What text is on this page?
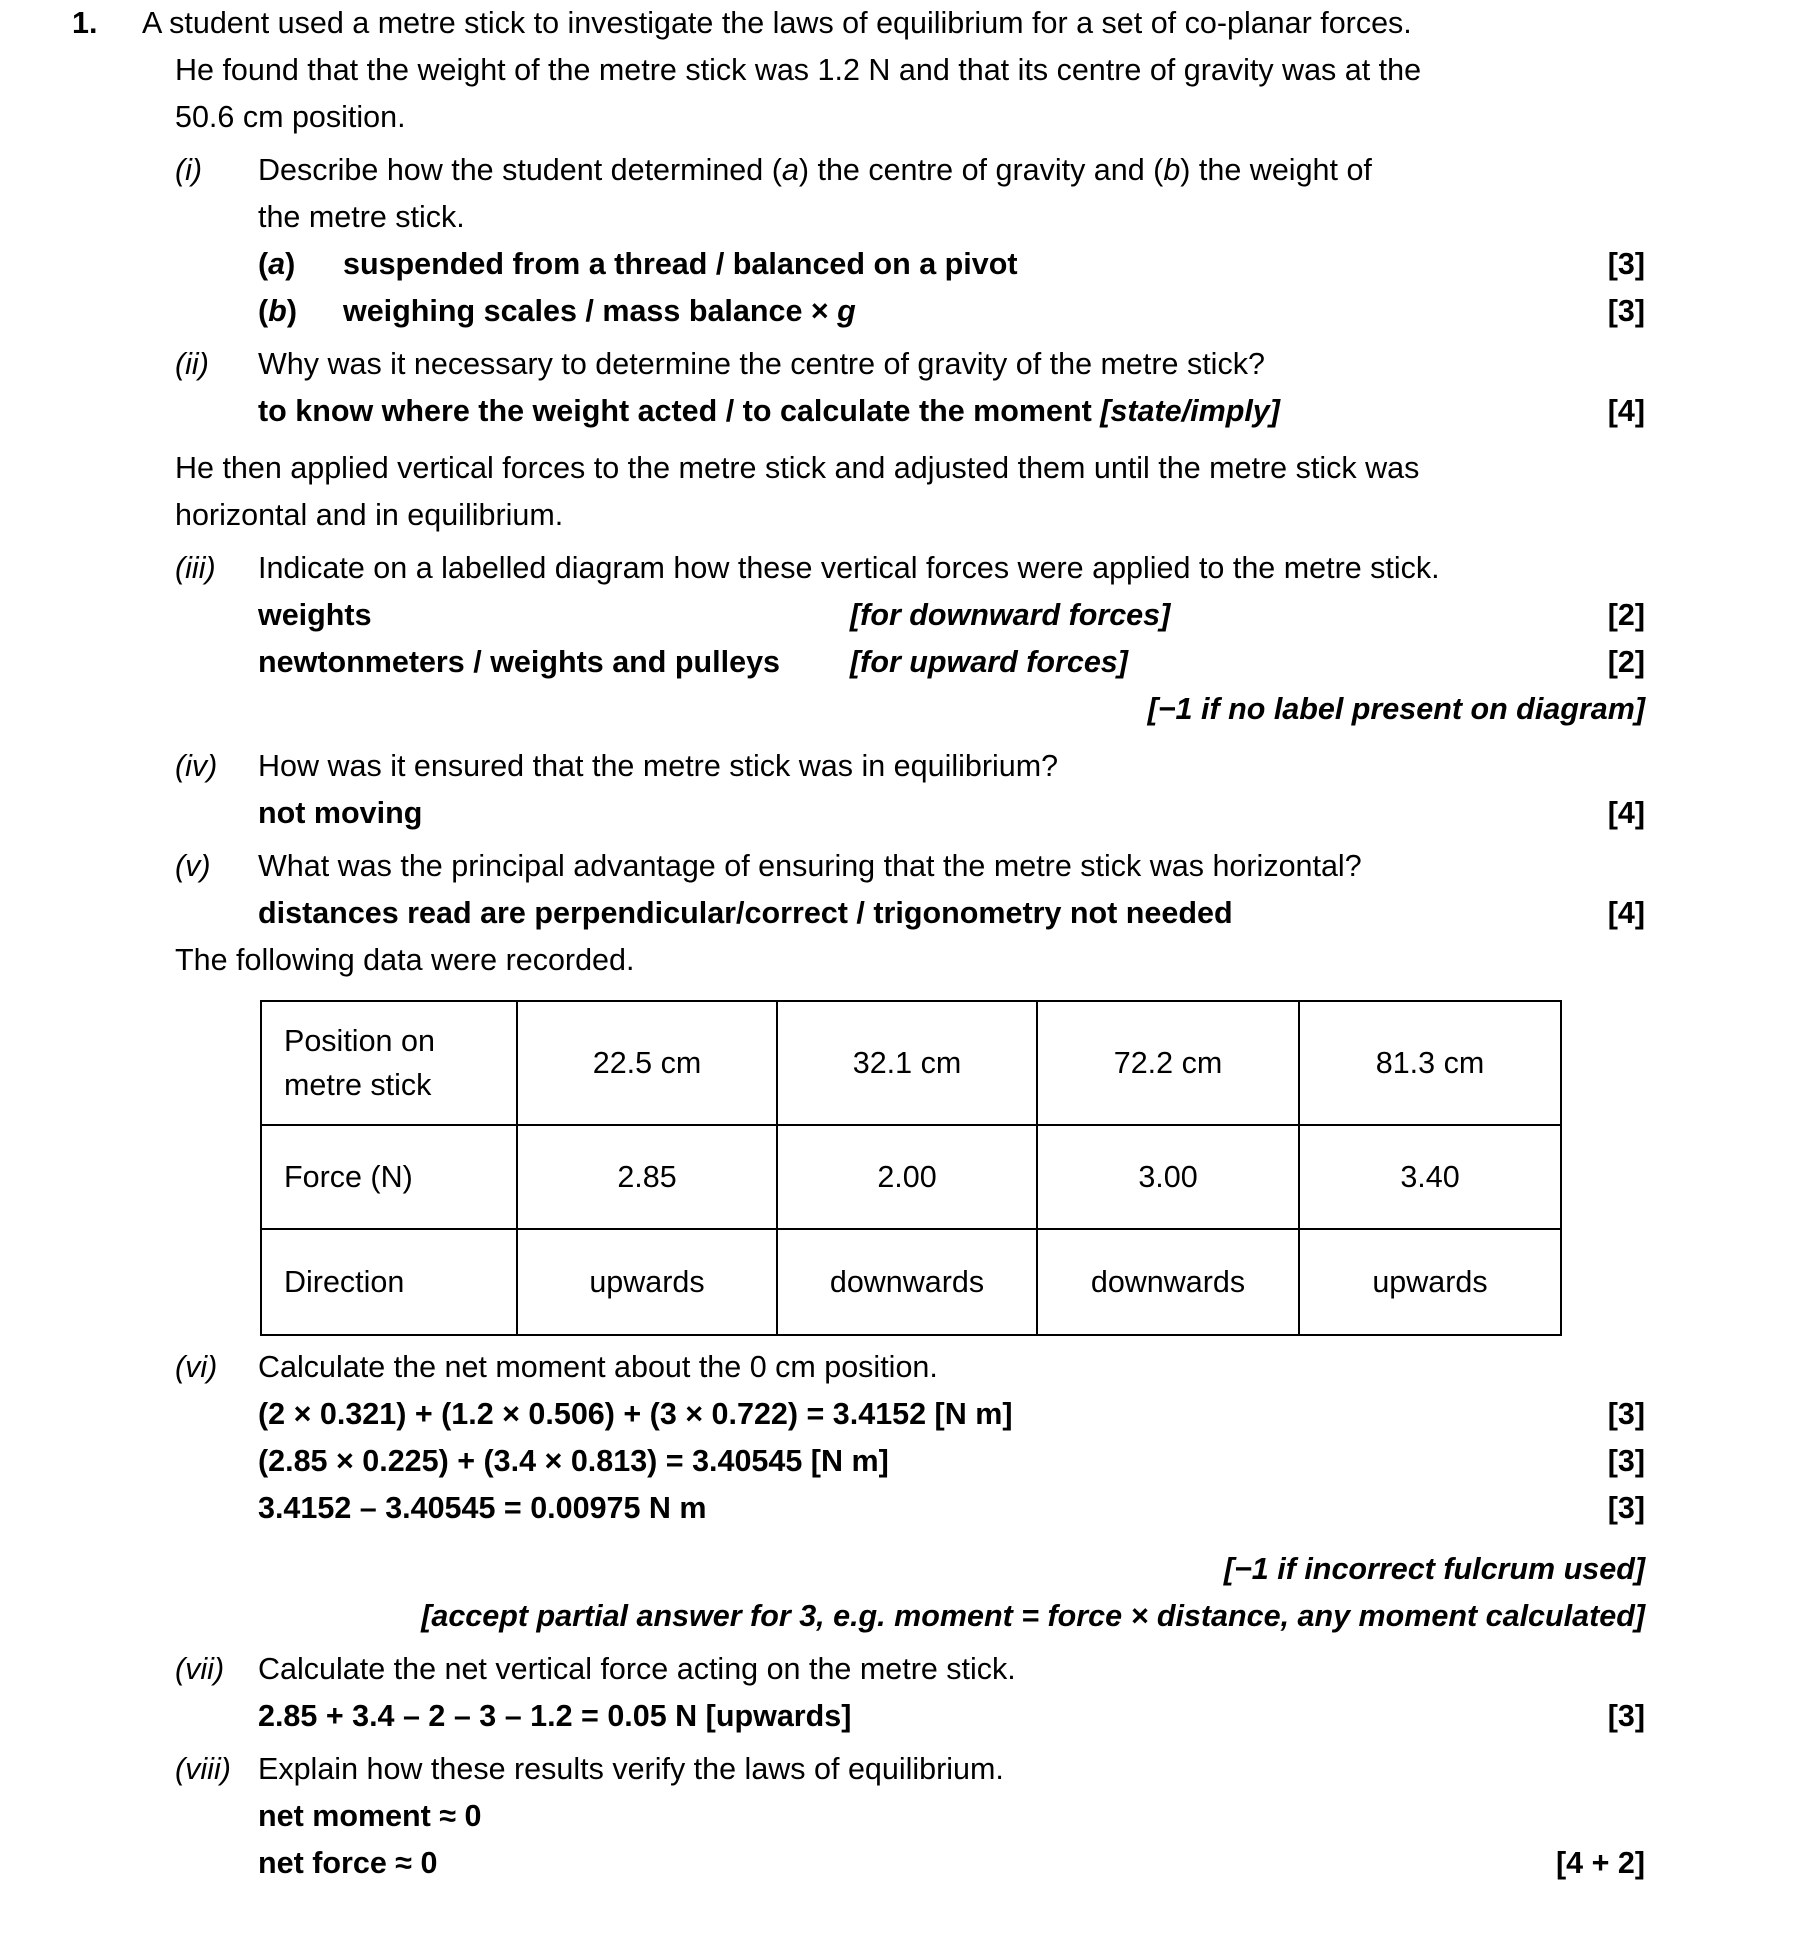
1.	A student used a metre stick to investigate the laws of equilibrium for a set of co-planar forces.
He found that the weight of the metre stick was 1.2 N and that its centre of gravity was at the
50.6 cm position.
(i)	Describe how the student determined (a) the centre of gravity and (b) the weight of
the metre stick.
(a)	suspended from a thread / balanced on a pivot	[3]
(b)	weighing scales / mass balance × g	[3]
(ii)	Why was it necessary to determine the centre of gravity of the metre stick?
to know where the weight acted / to calculate the moment [state/imply]	[4]
He then applied vertical forces to the metre stick and adjusted them until the metre stick was
horizontal and in equilibrium.
(iii)	Indicate on a labelled diagram how these vertical forces were applied to the metre stick.
weights	[for downward forces]	[2]
newtonmeters / weights and pulleys	[for upward forces]	[2]
[−1 if no label present on diagram]
(iv)	How was it ensured that the metre stick was in equilibrium?
not moving	[4]
(v)	What was the principal advantage of ensuring that the metre stick was horizontal?
distances read are perpendicular/correct / trigonometry not needed	[4]
The following data were recorded.
Position on
metre stick	22.5 cm	32.1 cm	72.2 cm	81.3 cm
Force (N)	2.85	2.00	3.00	3.40
Direction	upwards	downwards	downwards	upwards
(vi)	Calculate the net moment about the 0 cm position.
(2 × 0.321) + (1.2 × 0.506) + (3 × 0.722) = 3.4152 [N m]	[3]
(2.85 × 0.225) + (3.4 × 0.813) = 3.40545 [N m]	[3]
3.4152 – 3.40545 = 0.00975 N m	[3]
[−1 if incorrect fulcrum used]
[accept partial answer for 3, e.g. moment = force × distance, any moment calculated]
(vii)	Calculate the net vertical force acting on the metre stick.
2.85 + 3.4 – 2 – 3 – 1.2 = 0.05 N [upwards]	[3]
(viii) Explain how these results verify the laws of equilibrium.
net moment ≈ 0
net force ≈ 0	[4 + 2]
